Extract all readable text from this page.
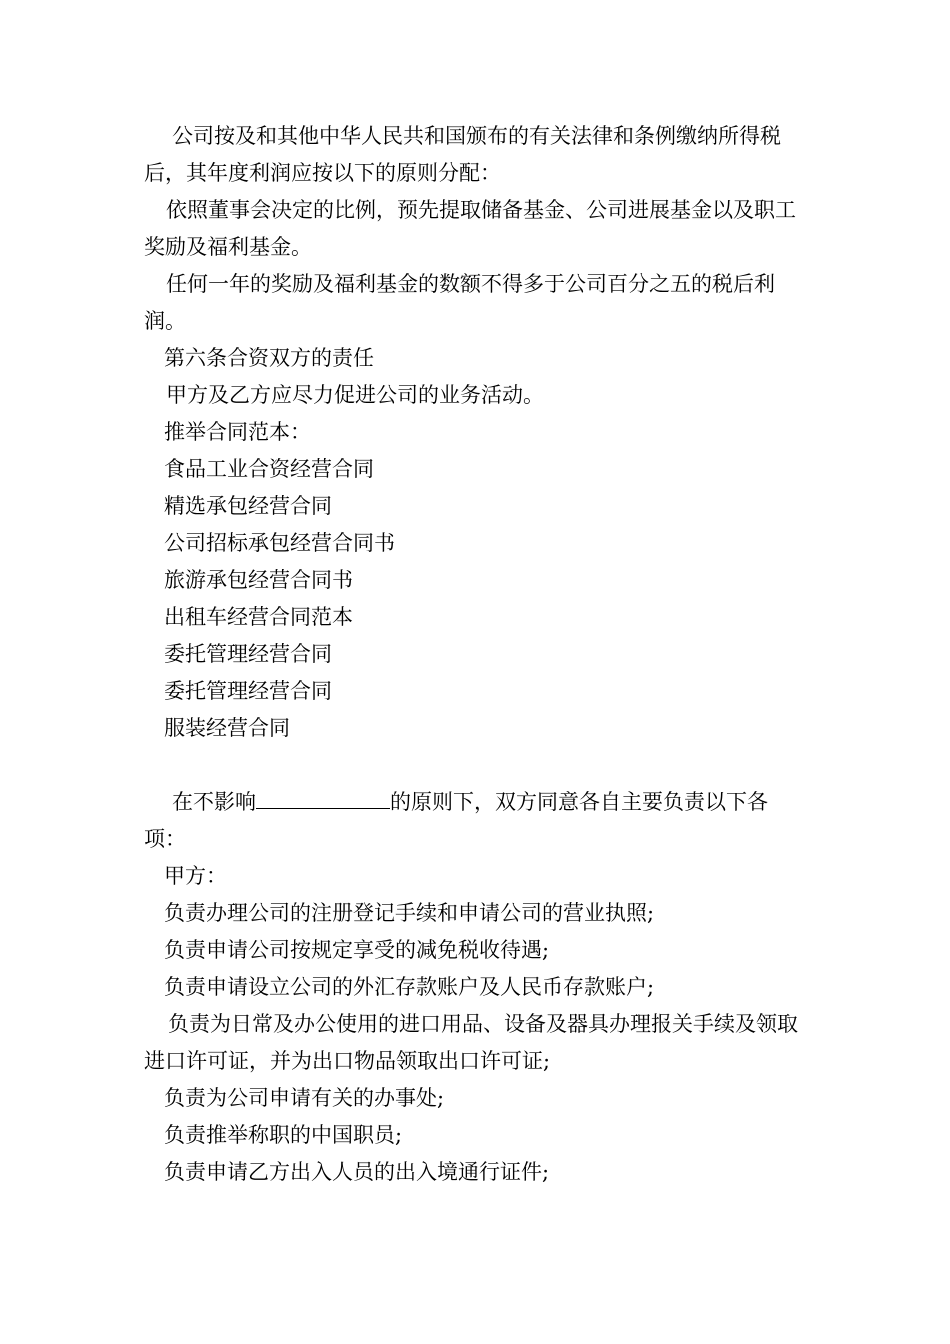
公司按及和其他中华人民共和国颁布的有关法律和条例缴纳所得税后，其年度利润应按以下的原则分配：

依照董事会决定的比例，预先提取储备基金、公司进展基金以及职工奖励及福利基金。

任何一年的奖励及福利基金的数额不得多于公司百分之五的税后利润。

第六条合资双方的责任

甲方及乙方应尽力促进公司的业务活动。

推举合同范本：

食品工业合资经营合同

精选承包经营合同

公司招标承包经营合同书

旅游承包经营合同书

出租车经营合同范本

委托管理经营合同

委托管理经营合同

服装经营合同

在不影响	的原则下，双方同意各自主要负责以下各项：

甲方：

负责办理公司的注册登记手续和申请公司的营业执照;

负责申请公司按规定享受的减免税收待遇;

负责申请设立公司的外汇存款账户及人民币存款账户;

负责为日常及办公使用的进口用品、设备及器具办理报关手续及领取进口许可证，并为出口物品领取出口许可证;

负责为公司申请有关的办事处;

负责推举称职的中国职员;

负责申请乙方出入人员的出入境通行证件;
